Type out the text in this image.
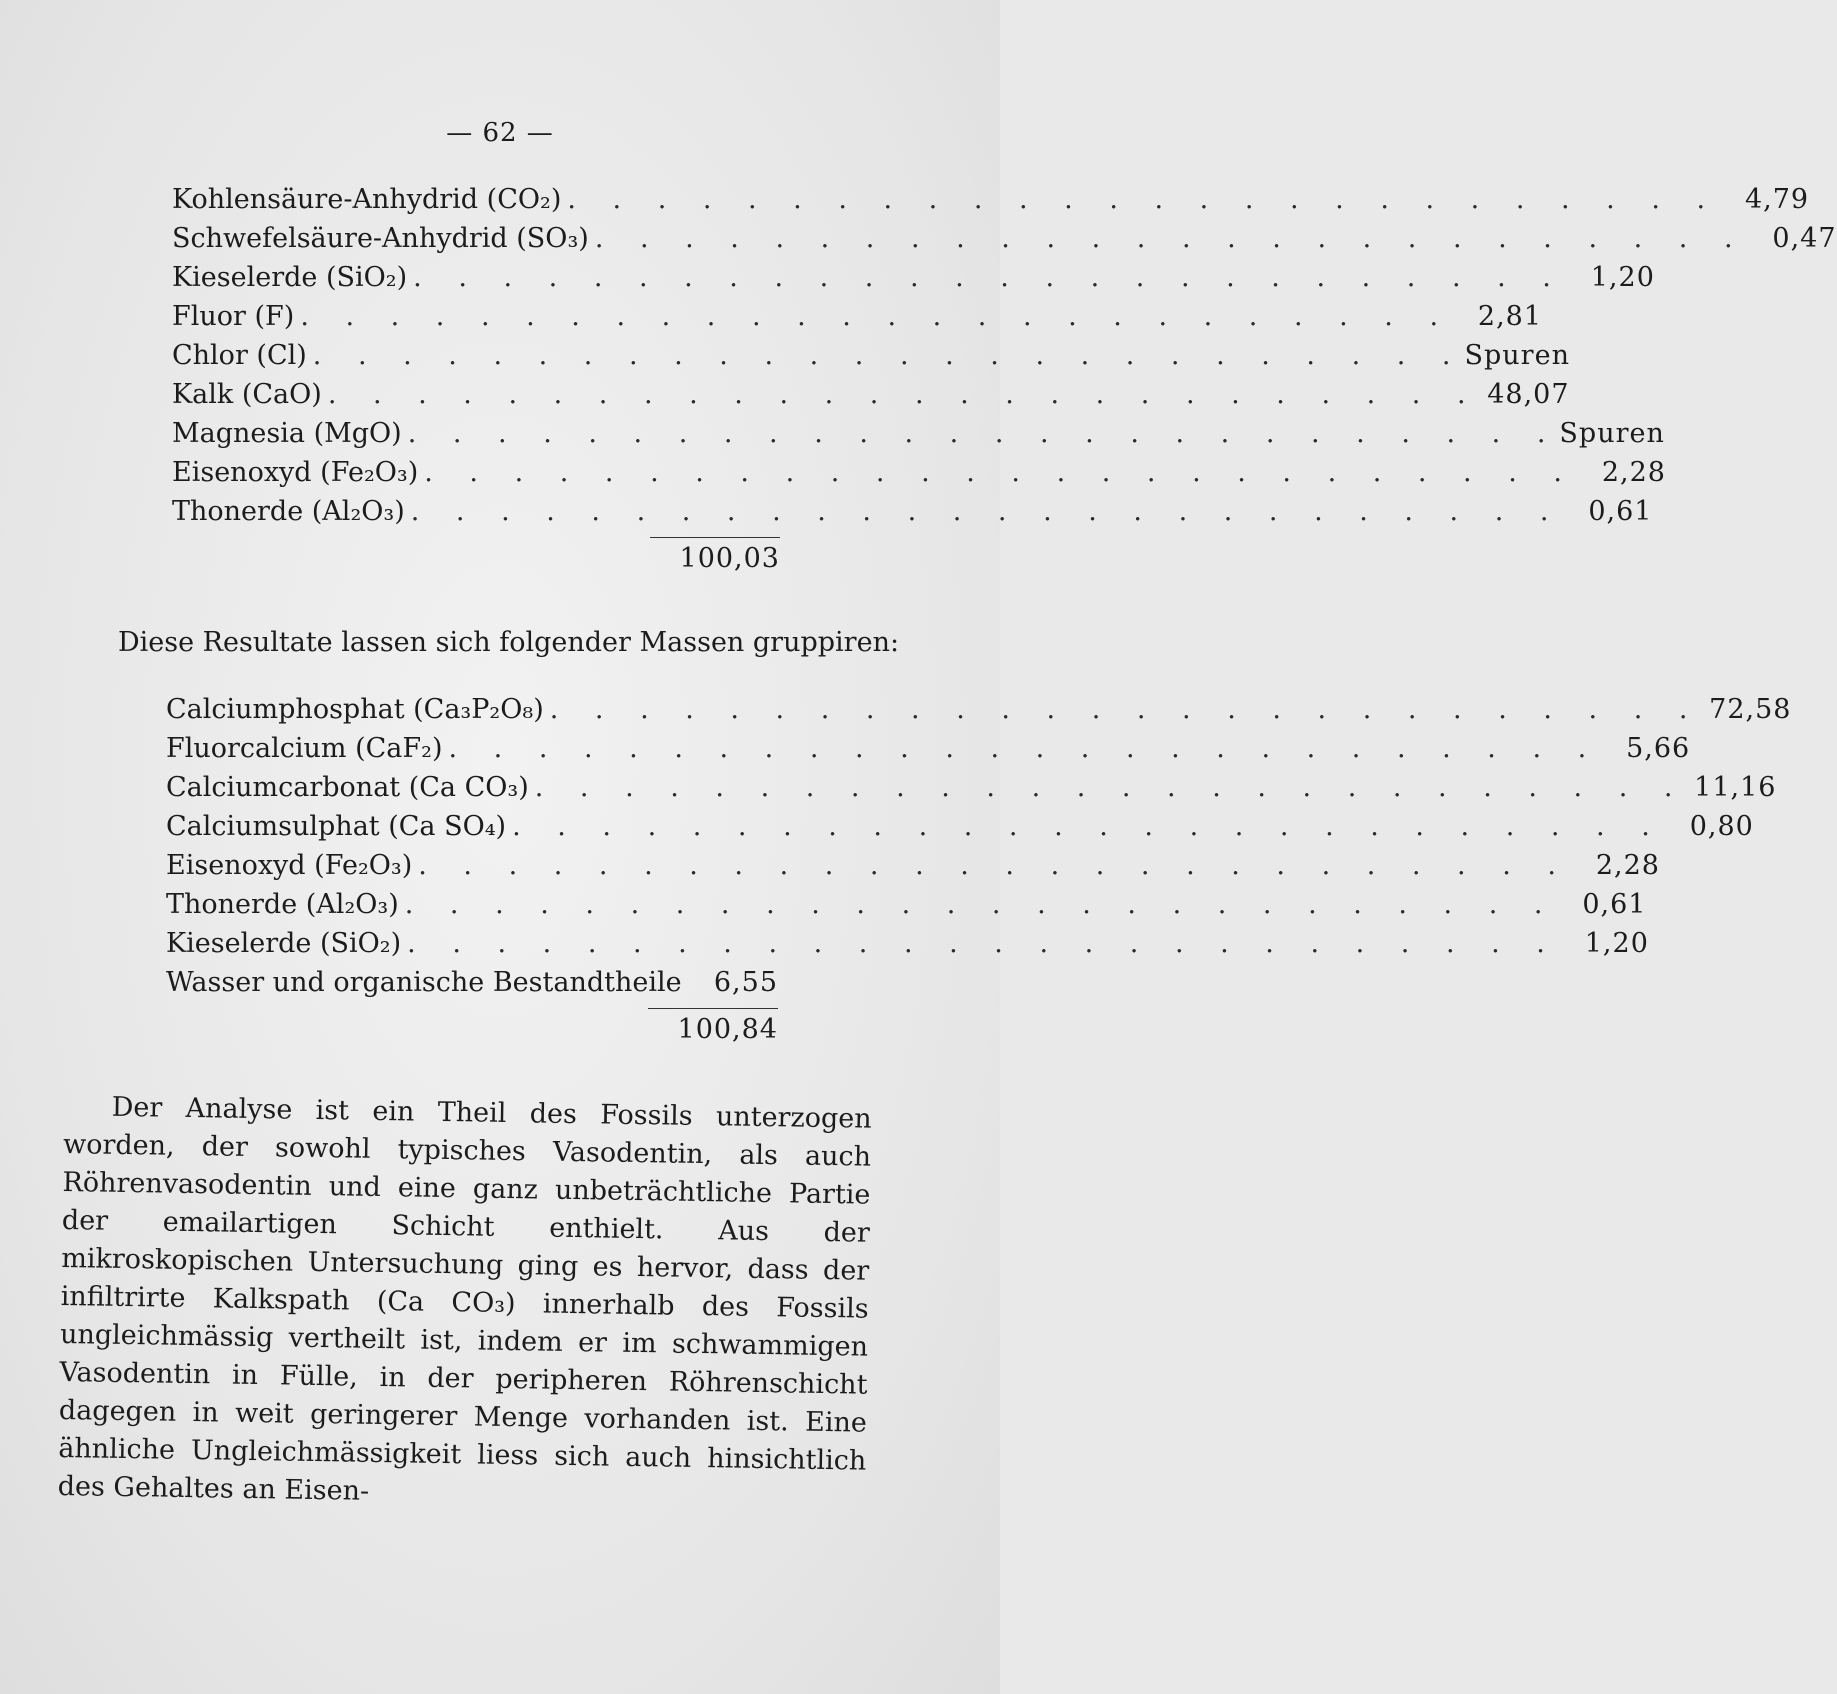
— 62 —
Kohlensäure-Anhydrid (CO₂) . . . . . . . . . . . . . . . . . . . . . . . . . . 4,79
Schwefelsäure-Anhydrid (SO₃) . . . . . . . . . . . . . . . . . . . . . . . . . . 0,47
Kieselerde (SiO₂) . . . . . . . . . . . . . . . . . . . . . . . . . . 1,20
Fluor (F) . . . . . . . . . . . . . . . . . . . . . . . . . . 2,81
Chlor (Cl) . . . . . . . . . . . . . . . . . . . . . . . . . . Spuren
Kalk (CaO) . . . . . . . . . . . . . . . . . . . . . . . . . . 48,07
Magnesia (MgO) . . . . . . . . . . . . . . . . . . . . . . . . . . Spuren
Eisenoxyd (Fe₂O₃) . . . . . . . . . . . . . . . . . . . . . . . . . . 2,28
Thonerde (Al₂O₃) . . . . . . . . . . . . . . . . . . . . . . . . . . 0,61
100,03
Diese Resultate lassen sich folgender Massen gruppiren:
Calciumphosphat (Ca₃P₂O₈) . . . . . . . . . . . . . . . . . . . . . . . . . . 72,58
Fluorcalcium (CaF₂) . . . . . . . . . . . . . . . . . . . . . . . . . . 5,66
Calciumcarbonat (Ca CO₃) . . . . . . . . . . . . . . . . . . . . . . . . . . 11,16
Calciumsulphat (Ca SO₄) . . . . . . . . . . . . . . . . . . . . . . . . . . 0,80
Eisenoxyd (Fe₂O₃) . . . . . . . . . . . . . . . . . . . . . . . . . . 2,28
Thonerde (Al₂O₃) . . . . . . . . . . . . . . . . . . . . . . . . . . 0,61
Kieselerde (SiO₂) . . . . . . . . . . . . . . . . . . . . . . . . . . 1,20
Wasser und organische Bestandtheile	6,55
100,84

Der Analyse ist ein Theil des Fossils unterzogen worden, der sowohl typisches Vasodentin, als auch Röhrenvasodentin und eine ganz unbeträchtliche Partie der emailartigen Schicht enthielt. Aus der mikroskopischen Untersuchung ging es hervor, dass der infiltrirte Kalkspath (Ca CO₃) innerhalb des Fossils ungleichmässig vertheilt ist, indem er im schwammigen Vasodentin in Fülle, in der peripheren Röhrenschicht dagegen in weit geringerer Menge vorhanden ist. Eine ähnliche Ungleichmässigkeit liess sich auch hinsichtlich des Gehaltes an Eisen-
